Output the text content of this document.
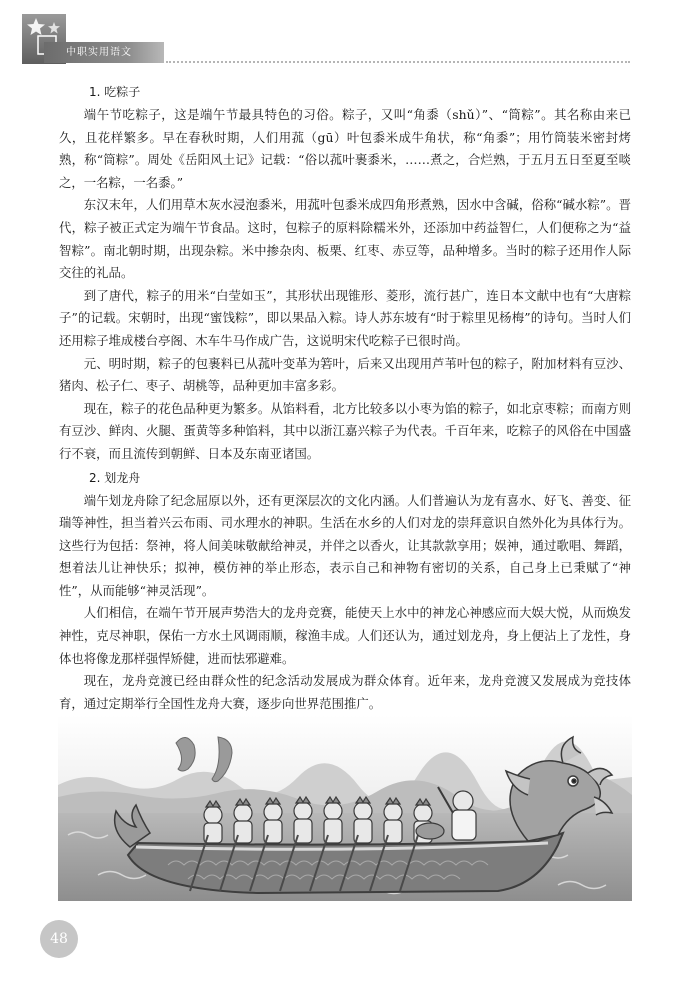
中职实用语文
1. 吃粽子

端午节吃粽子，这是端午节最具特色的习俗。粽子，又叫“角黍（shǔ）”、“筒粽”。其名称由来已久，且花样繁多。早在春秋时期，人们用菰（gū）叶包黍米成牛角状，称“角黍”；用竹筒装米密封烤熟，称“筒粽”。周处《岳阳风土记》记载：“俗以菰叶裹黍米，……煮之，合烂熟，于五月五日至夏至啖之，一名粽，一名黍。”

东汉末年，人们用草木灰水浸泡黍米，用菰叶包黍米成四角形煮熟，因水中含碱，俗称“碱水粽”。晋代，粽子被正式定为端午节食品。这时，包粽子的原料除糯米外，还添加中药益智仁，人们便称之为“益智粽”。南北朝时期，出现杂粽。米中掺杂肉、板栗、红枣、赤豆等，品种增多。当时的粽子还用作人际交往的礼品。

到了唐代，粽子的用米“白莹如玉”，其形状出现锥形、菱形，流行甚广，连日本文献中也有“大唐粽子”的记载。宋朝时，出现“蜜饯粽”，即以果品入粽。诗人苏东坡有“时于粽里见杨梅”的诗句。当时人们还用粽子堆成楼台亭阁、木车牛马作成广告，这说明宋代吃粽子已很时尚。

元、明时期，粽子的包裹料已从菰叶变革为箬叶，后来又出现用芦苇叶包的粽子，附加材料有豆沙、猪肉、松子仁、枣子、胡桃等，品种更加丰富多彩。

现在，粽子的花色品种更为繁多。从馅料看，北方比较多以小枣为馅的粽子，如北京枣粽；而南方则有豆沙、鲜肉、火腿、蛋黄等多种馅料，其中以浙江嘉兴粽子为代表。千百年来，吃粽子的风俗在中国盛行不衰，而且流传到朝鲜、日本及东南亚诸国。

2. 划龙舟

端午划龙舟除了纪念屈原以外，还有更深层次的文化内涵。人们普遍认为龙有喜水、好飞、善变、征瑞等神性，担当着兴云布雨、司水理水的神职。生活在水乡的人们对龙的崇拜意识自然外化为具体行为。这些行为包括：祭神，将人间美味敬献给神灵，并伴之以香火，让其款款享用；娱神，通过歌唱、舞蹈，想着法儿让神快乐；拟神，模仿神的举止形态，表示自己和神物有密切的关系，自己身上已秉赋了“神性”，从而能够“神灵活现”。

人们相信，在端午节开展声势浩大的龙舟竞赛，能使天上水中的神龙心神感应而大娱大悦，从而焕发神性，克尽神职，保佑一方水土风调雨顺，稼渔丰成。人们还认为，通过划龙舟，身上便沾上了龙性，身体也将像龙那样强悍矫健，进而怯邪避难。

现在，龙舟竞渡已经由群众性的纪念活动发展成为群众体育。近年来，龙舟竞渡又发展成为竞技体育，通过定期举行全国性龙舟大赛，逐步向世界范围推广。

48
